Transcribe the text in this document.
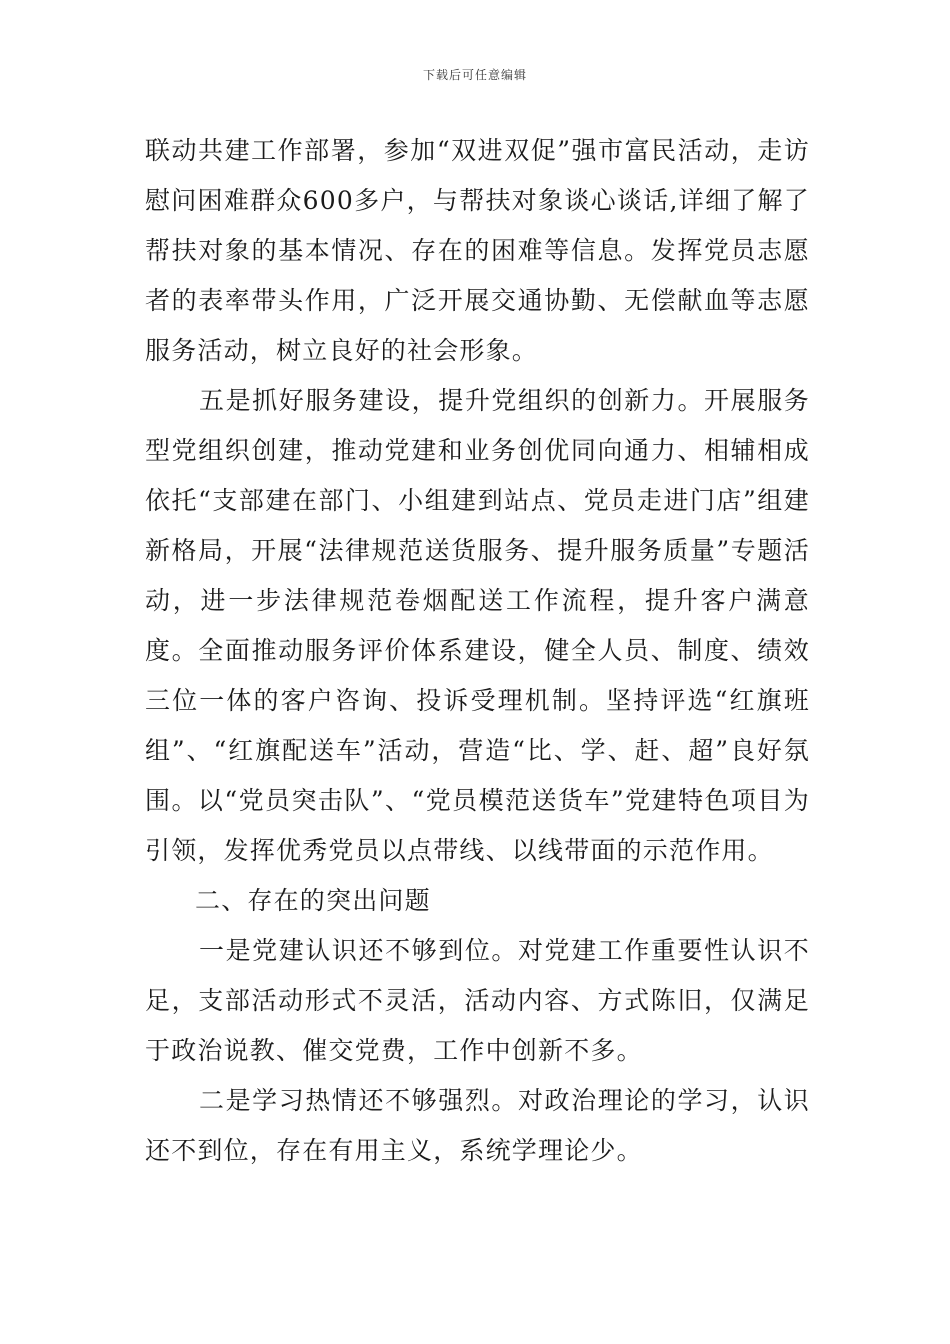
下载后可任意编辑

联动共建工作部署，参加“双进双促”强市富民活动，走访慰问困难群众600多户，与帮扶对象谈心谈话,详细了解了帮扶对象的基本情况、存在的困难等信息。发挥党员志愿者的表率带头作用，广泛开展交通协勤、无偿献血等志愿服务活动，树立良好的社会形象。

五是抓好服务建设，提升党组织的创新力。开展服务型党组织创建，推动党建和业务创优同向通力、相辅相成依托“支部建在部门、小组建到站点、党员走进门店”组建新格局，开展“法律规范送货服务、提升服务质量”专题活动，进一步法律规范卷烟配送工作流程，提升客户满意度。全面推动服务评价体系建设，健全人员、制度、绩效三位一体的客户咨询、投诉受理机制。坚持评选“红旗班组”、“红旗配送车”活动，营造“比、学、赶、超”良好氛围。以“党员突击队”、“党员模范送货车”党建特色项目为引领，发挥优秀党员以点带线、以线带面的示范作用。

二、存在的突出问题

一是党建认识还不够到位。对党建工作重要性认识不足，支部活动形式不灵活，活动内容、方式陈旧，仅满足于政治说教、催交党费，工作中创新不多。

二是学习热情还不够强烈。对政治理论的学习，认识还不到位，存在有用主义，系统学理论少。
